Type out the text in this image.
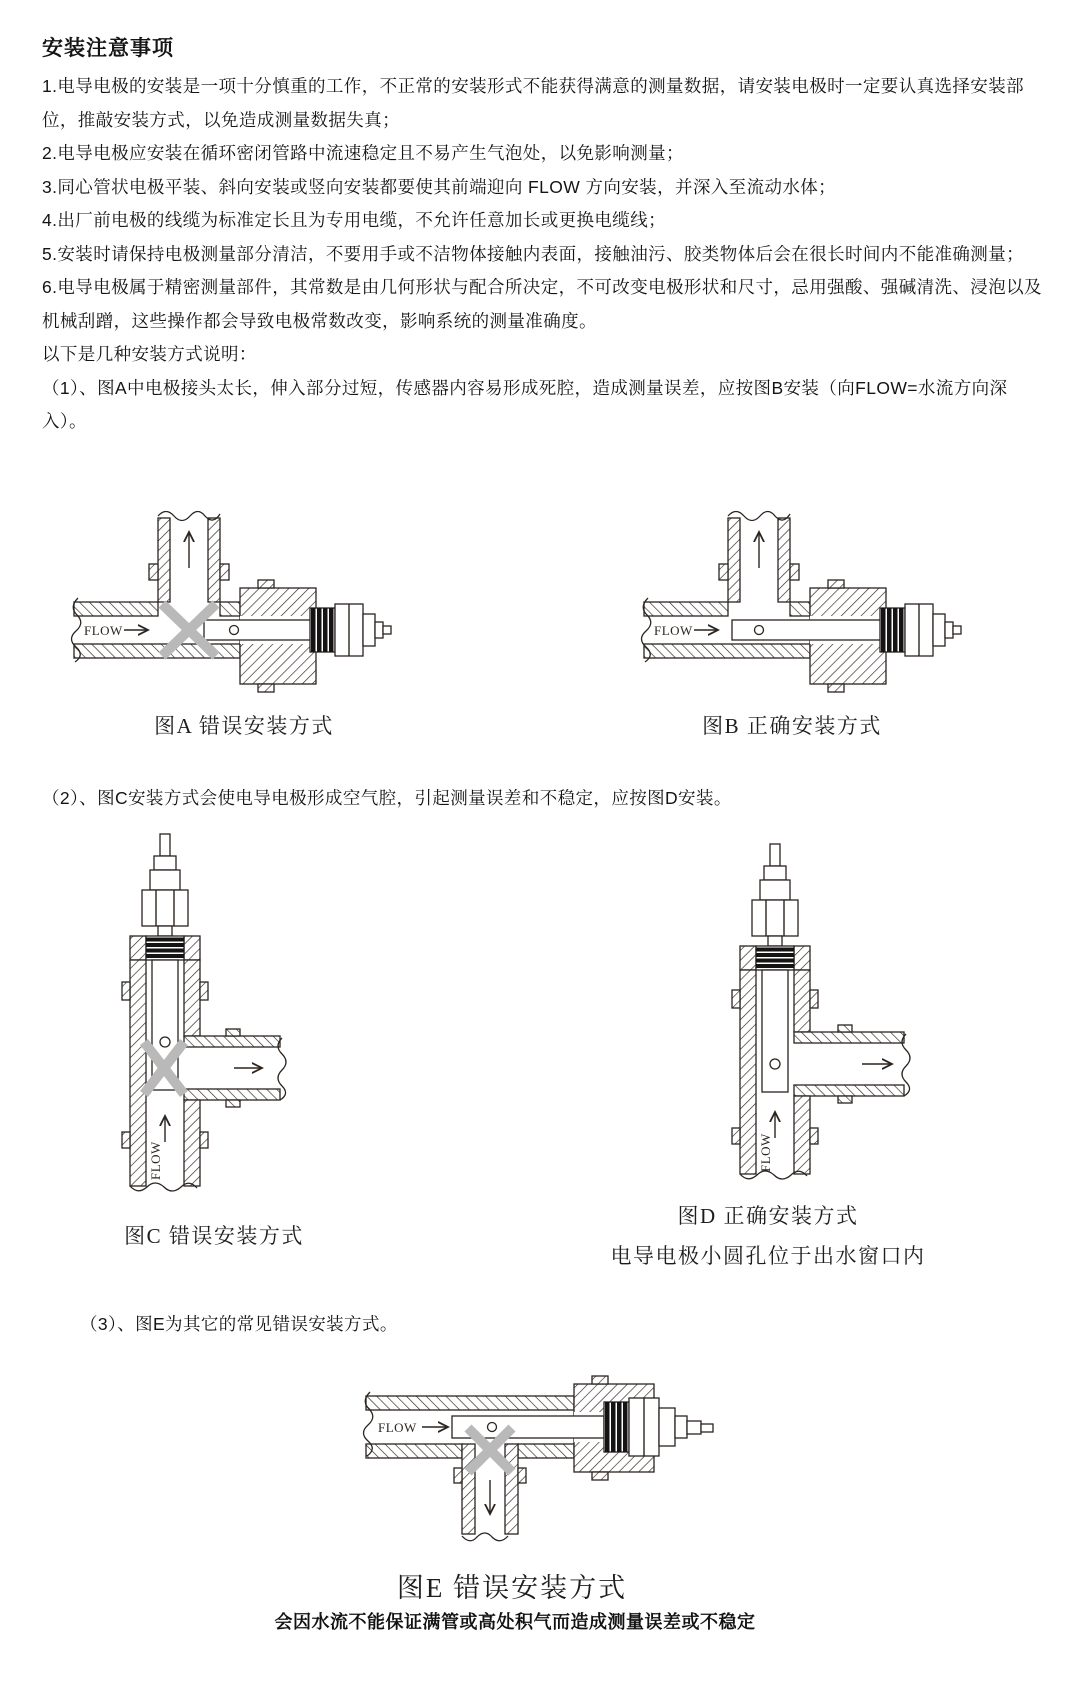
安装注意事项

1.电导电极的安装是一项十分慎重的工作，不正常的安装形式不能获得满意的测量数据，请安装电极时一定要认真选择安装部位，推敲安装方式，以免造成测量数据失真；

2.电导电极应安装在循环密闭管路中流速稳定且不易产生气泡处，以免影响测量；

3.同心管状电极平装、斜向安装或竖向安装都要使其前端迎向 FLOW 方向安装，并深入至流动水体；

4.出厂前电极的线缆为标准定长且为专用电缆，不允许任意加长或更换电缆线；

5.安装时请保持电极测量部分清洁，不要用手或不洁物体接触内表面，接触油污、胶类物体后会在很长时间内不能准确测量；

6.电导电极属于精密测量部件，其常数是由几何形状与配合所决定，不可改变电极形状和尺寸，忌用强酸、强碱清洗、浸泡以及机械刮蹭，这些操作都会导致电极常数改变，影响系统的测量准确度。

以下是几种安装方式说明：

（1）、图A中电极接头太长，伸入部分过短，传感器内容易形成死腔，造成测量误差，应按图B安装（向FLOW=水流方向深入）。

FLOW	FLOW
图A 错误安装方式	图B 正确安装方式

（2）、图C安装方式会使电导电极形成空气腔，引起测量误差和不稳定，应按图D安装。

FLOW	FLOW
图C 错误安装方式
图D 正确安装方式
电导电极小圆孔位于出水窗口内

（3）、图E为其它的常见错误安装方式。

FLOW
图E 错误安装方式
会因水流不能保证满管或高处积气而造成测量误差或不稳定
